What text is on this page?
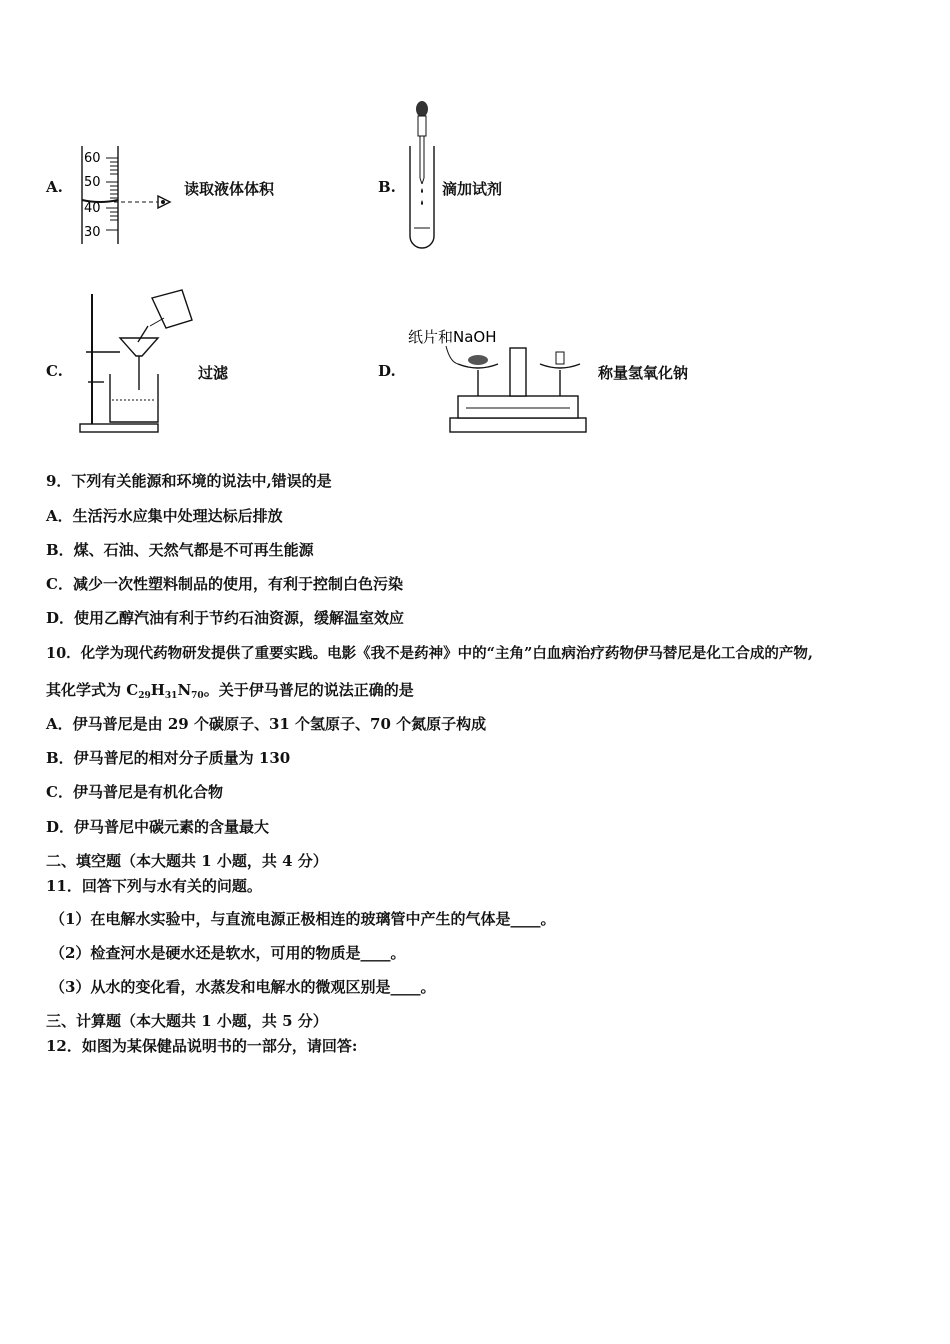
A.
60
50
40
30
读取液体体积	B.	滴加试剂
C.	过滤	D.
纸片和NaOH
称量氢氧化钠
9．下列有关能源和环境的说法中,错误的是
A．生活污水应集中处理达标后排放
B．煤、石油、天然气都是不可再生能源
C．减少一次性塑料制品的使用，有利于控制白色污染
D．使用乙醇汽油有利于节约石油资源，缓解温室效应
10．化学为现代药物研发提供了重要实践。电影《我不是药神》中的“主角”白血病治疗药物伊马替尼是化工合成的产物,
其化学式为 $C_{29}H_{31}N_{70}$。关于伊马普尼的说法正确的是
A．伊马普尼是由 29 个碳原子、31 个氢原子、70 个氮原子构成
B．伊马普尼的相对分子质量为 130
C．伊马普尼是有机化合物
D．伊马普尼中碳元素的含量最大
二、填空题（本大题共 1 小题，共 4 分）
11．回答下列与水有关的问题。
（1）在电解水实验中，与直流电源正极相连的玻璃管中产生的气体是____。
（2）检查河水是硬水还是软水，可用的物质是____。
（3）从水的变化看，水蒸发和电解水的微观区别是____。
三、计算题（本大题共 1 小题，共 5 分）
12．如图为某保健品说明书的一部分，请回答:
